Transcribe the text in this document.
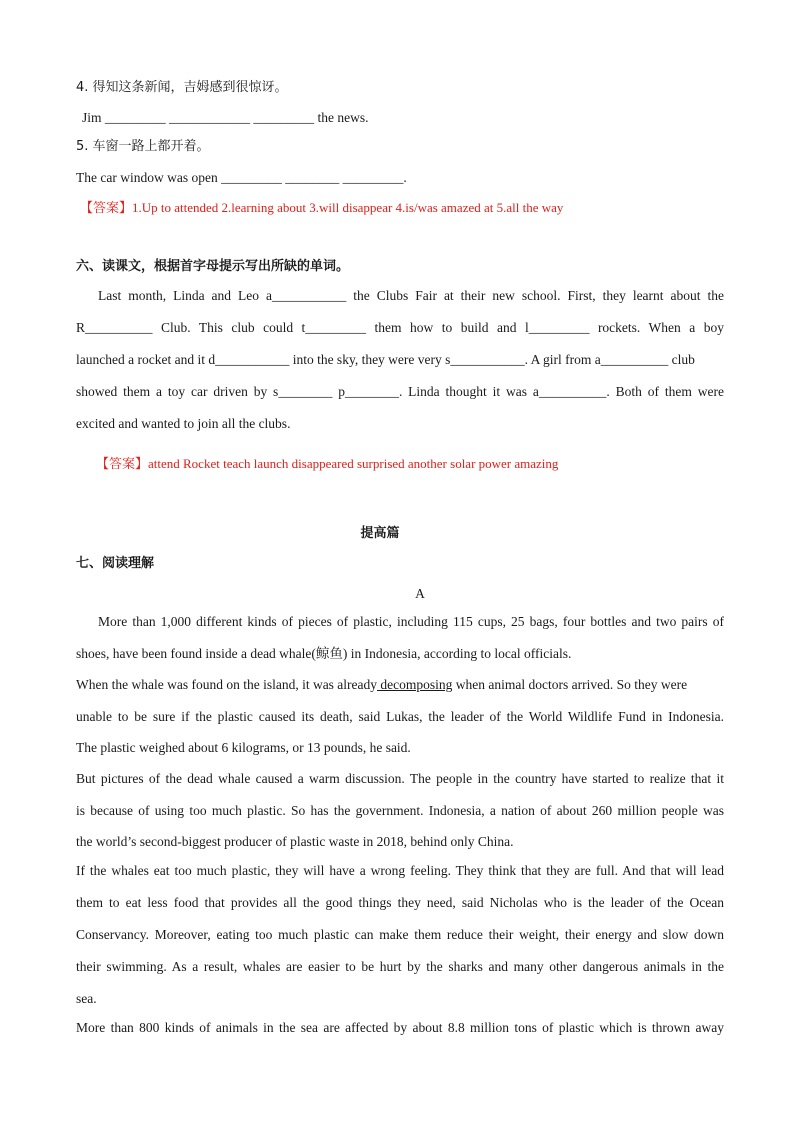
4. 得知这条新闻，吉姆感到很惊讶。
Jim _________ ____________ _________ the news.
5. 车窗一路上都开着。
The car window was open _________ ________ _________.
【答案】1.Up to attended 2.learning about 3.will disappear 4.is/was amazed at 5.all the way
六、读课文，根据首字母提示写出所缺的单词。
Last month, Linda and Leo a___________ the Clubs Fair at their new school. First, they learnt about the
R__________ Club. This club could t_________ them how to build and l_________ rockets. When a boy
launched a rocket and it d___________ into the sky, they were very s___________. A girl from a__________ club
showed them a toy car driven by s________ p________. Linda thought it was a__________. Both of them were
excited and wanted to join all the clubs.
【答案】attend Rocket teach launch disappeared surprised another solar power amazing
提高篇
七、阅读理解
A
More than 1,000 different kinds of pieces of plastic, including 115 cups, 25 bags, four bottles and two pairs of
shoes, have been found inside a dead whale(鲸鱼) in Indonesia, according to local officials.
When the whale was found on the island, it was already decomposing when animal doctors arrived. So they were
unable to be sure if the plastic caused its death, said Lukas, the leader of the World Wildlife Fund in Indonesia.
The plastic weighed about 6 kilograms, or 13 pounds, he said.
But pictures of the dead whale caused a warm discussion. The people in the country have started to realize that it
is because of using too much plastic. So has the government. Indonesia, a nation of about 260 million people was
the world’s second-biggest producer of plastic waste in 2018, behind only China.
If the whales eat too much plastic, they will have a wrong feeling. They think that they are full. And that will lead
them to eat less food that provides all the good things they need, said Nicholas who is the leader of the Ocean
Conservancy. Moreover, eating too much plastic can make them reduce their weight, their energy and slow down
their swimming. As a result, whales are easier to be hurt by the sharks and many other dangerous animals in the
sea.
More than 800 kinds of animals in the sea are affected by about 8.8 million tons of plastic which is thrown away
